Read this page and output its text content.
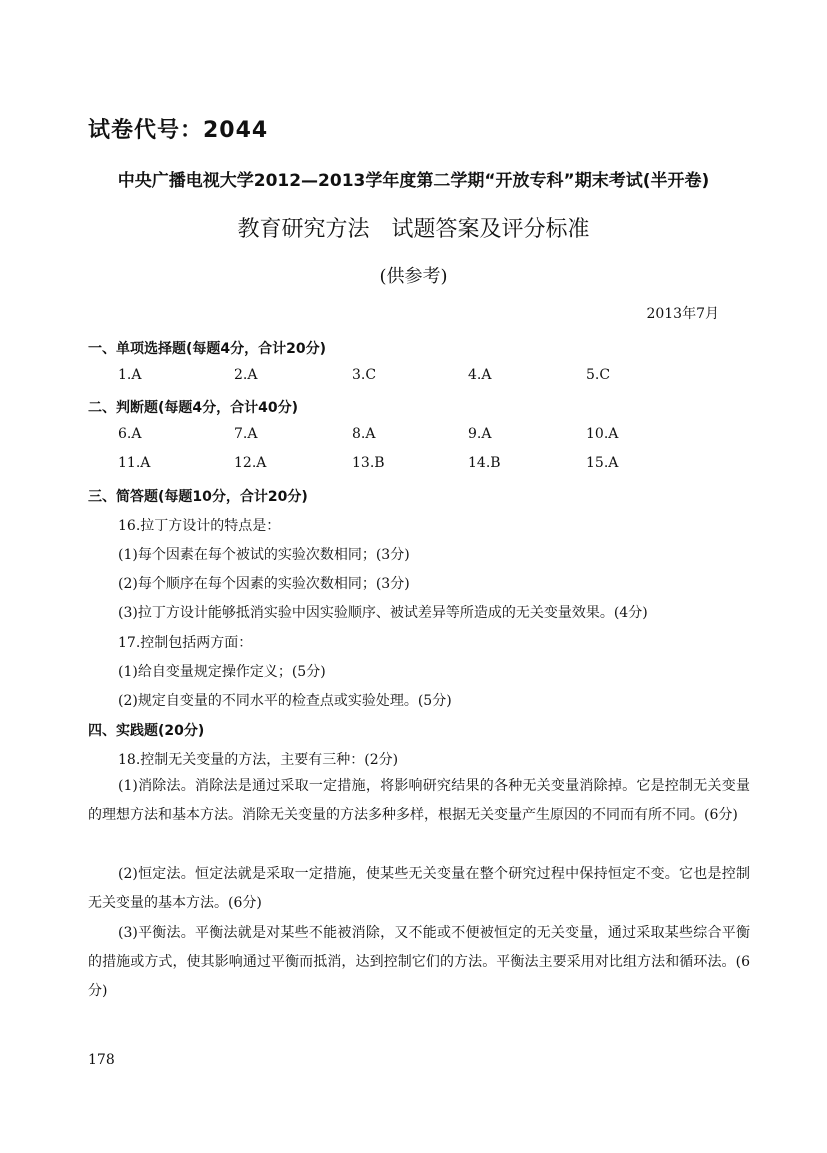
试卷代号：2044
中央广播电视大学2012—2013学年度第二学期“开放专科”期末考试(半开卷)
教育研究方法　试题答案及评分标准
(供参考)
2013年7月
一、单项选择题(每题4分，合计20分)
1.A	2.A	3.C	4.A	5.C
二、判断题(每题4分，合计40分)
6.A	7.A	8.A	9.A	10.A
11.A	12.A	13.B	14.B	15.A
三、简答题(每题10分，合计20分)
16.拉丁方设计的特点是：
(1)每个因素在每个被试的实验次数相同；(3分)
(2)每个顺序在每个因素的实验次数相同；(3分)
(3)拉丁方设计能够抵消实验中因实验顺序、被试差异等所造成的无关变量效果。(4分)
17.控制包括两方面：
(1)给自变量规定操作定义；(5分)
(2)规定自变量的不同水平的检查点或实验处理。(5分)
四、实践题(20分)
18.控制无关变量的方法，主要有三种：(2分)
(1)消除法。消除法是通过采取一定措施，将影响研究结果的各种无关变量消除掉。它是控制无关变量的理想方法和基本方法。消除无关变量的方法多种多样，根据无关变量产生原因的不同而有所不同。(6分)
(2)恒定法。恒定法就是采取一定措施，使某些无关变量在整个研究过程中保持恒定不变。它也是控制无关变量的基本方法。(6分)
(3)平衡法。平衡法就是对某些不能被消除，又不能或不便被恒定的无关变量，通过采取某些综合平衡的措施或方式，使其影响通过平衡而抵消，达到控制它们的方法。平衡法主要采用对比组方法和循环法。(6分)
178
